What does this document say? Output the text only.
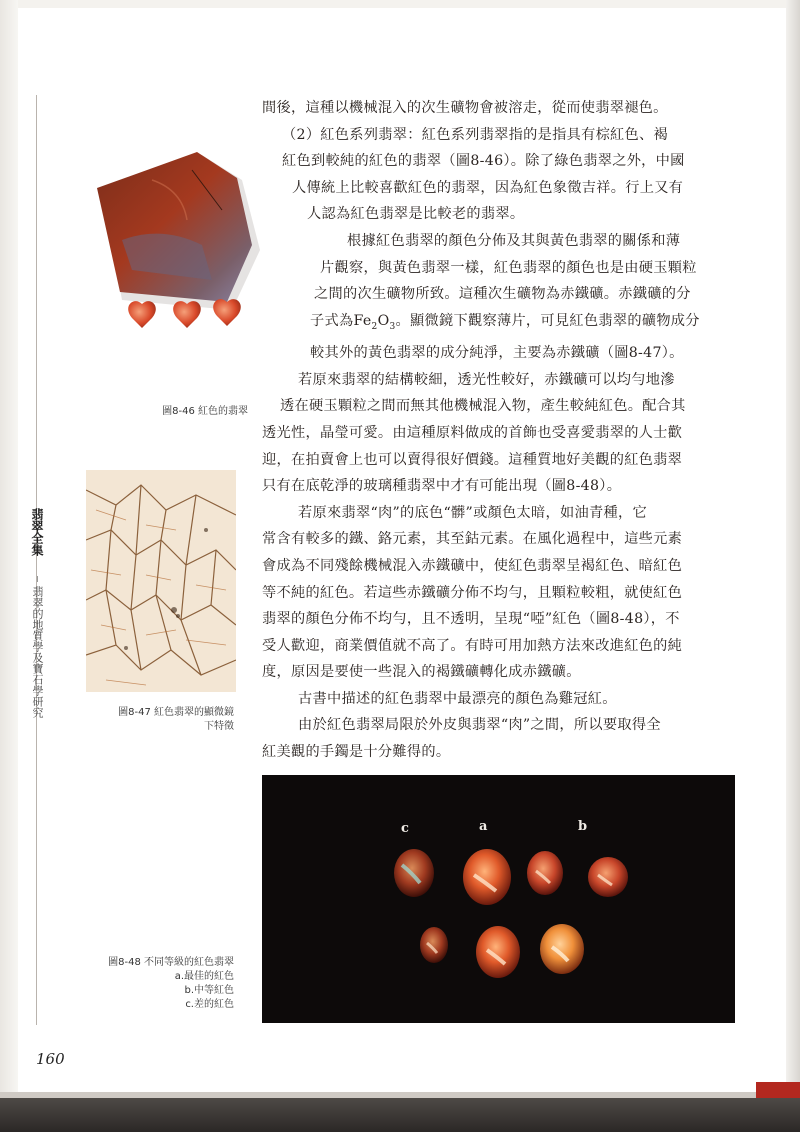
翡翠全集
翡翠的地質學及寶石學研究
圖8-46 紅色的翡翠
圖8-47 紅色翡翠的顯微鏡
下特徵

間後，這種以機械混入的次生礦物會被溶走，從而使翡翠褪色。

（2）紅色系列翡翠：紅色系列翡翠指的是指具有棕紅色、褐

紅色到較純的紅色的翡翠（圖8-46）。除了綠色翡翠之外，中國

人傳統上比較喜歡紅色的翡翠，因為紅色象徵吉祥。行上又有

人認為紅色翡翠是比較老的翡翠。

根據紅色翡翠的顏色分佈及其與黃色翡翠的關係和薄

片觀察，與黃色翡翠一樣，紅色翡翠的顏色也是由硬玉顆粒

之間的次生礦物所致。這種次生礦物為赤鐵礦。赤鐵礦的分

子式為$Fe_2O_3$。顯微鏡下觀察薄片，可見紅色翡翠的礦物成分

較其外的黃色翡翠的成分純淨，主要為赤鐵礦（圖8-47）。

若原來翡翠的結構較細，透光性較好，赤鐵礦可以均勻地滲

透在硬玉顆粒之間而無其他機械混入物，產生較純紅色。配合其

透光性，晶瑩可愛。由這種原料做成的首飾也受喜愛翡翠的人士歡

迎，在拍賣會上也可以賣得很好價錢。這種質地好美觀的紅色翡翠

只有在底乾淨的玻璃種翡翠中才有可能出現（圖8-48）。

若原來翡翠“肉”的底色“髒”或顏色太暗，如油青種，它

常含有較多的鐵、鉻元素，其至鈷元素。在風化過程中，這些元素

會成為不同殘餘機械混入赤鐵礦中，使紅色翡翠呈褐紅色、暗紅色

等不純的紅色。若這些赤鐵礦分佈不均勻，且顆粒較粗，就使紅色

翡翠的顏色分佈不均勻，且不透明，呈現“啞”紅色（圖8-48），不

受人歡迎，商業價值就不高了。有時可用加熱方法來改進紅色的純

度，原因是要使一些混入的褐鐵礦轉化成赤鐵礦。

古書中描述的紅色翡翠中最漂亮的顏色為雞冠紅。

由於紅色翡翠局限於外皮與翡翠“肉”之間，所以要取得全

紅美觀的手鐲是十分難得的。

c	a	b
圖8-48 不同等級的紅色翡翠
a.最佳的紅色
b.中等紅色
c.差的紅色
160
